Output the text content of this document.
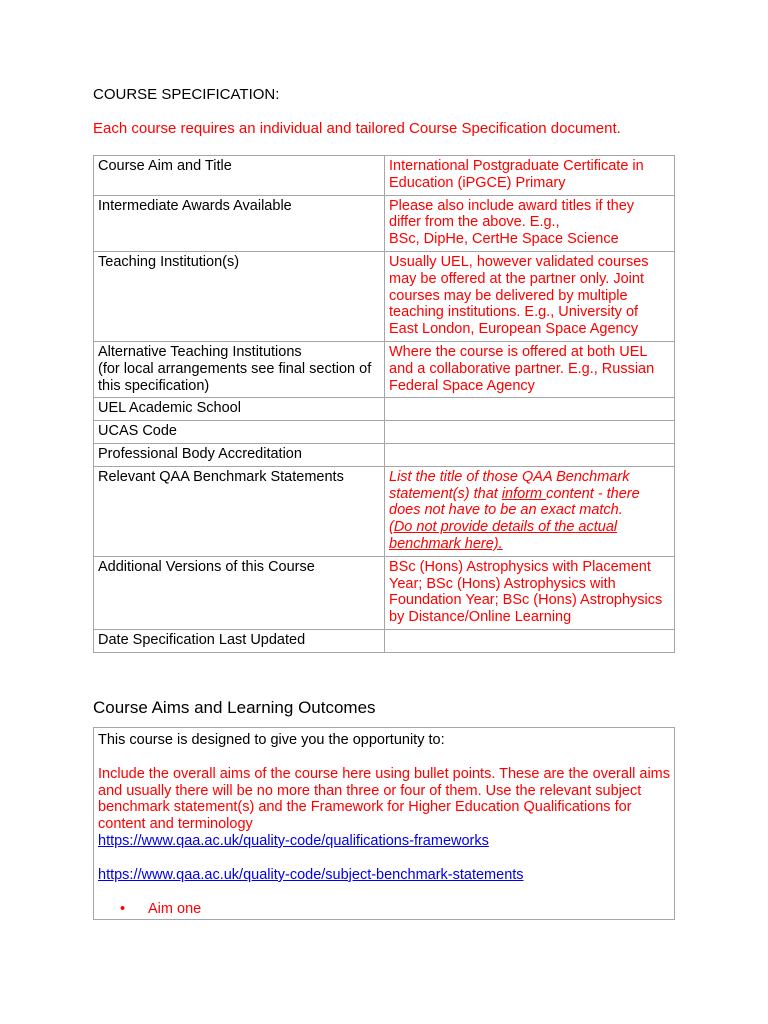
COURSE SPECIFICATION:
Each course requires an individual and tailored Course Specification document.
Course Aim and Title	International Postgraduate Certificate in Education (iPGCE) Primary
Intermediate Awards Available	Please also include award titles if they differ from the above. E.g.,
BSc, DipHe, CertHe Space Science

Teaching Institution(s)	Usually UEL, however validated courses may be offered at the partner only. Joint courses may be delivered by multiple teaching institutions. E.g., University of East London, European Space Agency

Alternative Teaching Institutions
(for local arrangements see final section of this specification)	Where the course is offered at both UEL and a collaborative partner. E.g., Russian Federal Space Agency
UEL Academic School	
UCAS Code	
Professional Body Accreditation	
Relevant QAA Benchmark Statements	List the title of those QAA Benchmark statement(s) that inform content - there does not have to be an exact match.
(Do not provide details of the actual benchmark here).

Additional Versions of this Course	BSc (Hons) Astrophysics with Placement Year; BSc (Hons) Astrophysics with Foundation Year; BSc (Hons) Astrophysics by Distance/Online Learning
Date Specification Last Updated	
Course Aims and Learning Outcomes

This course is designed to give you the opportunity to:

Include the overall aims of the course here using bullet points. These are the overall aims and usually there will be no more than three or four of them. Use the relevant subject benchmark statement(s) and the Framework for Higher Education Qualifications for content and terminology

https://www.qaa.ac.uk/quality-code/qualifications-frameworks

https://www.qaa.ac.uk/quality-code/subject-benchmark-statements

• Aim one
